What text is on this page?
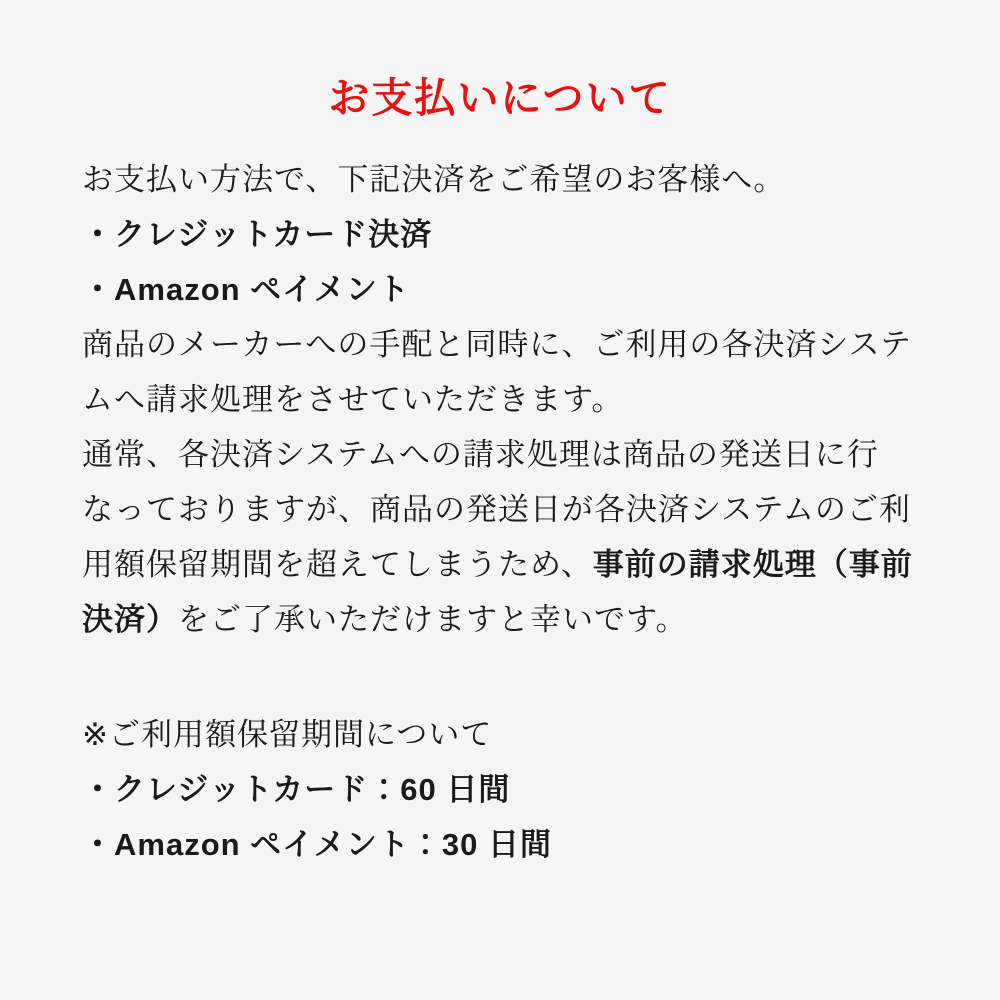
お支払いについて
お支払い方法で、下記決済をご希望のお客様へ。
・クレジットカード決済
・Amazon ペイメント
商品のメーカーへの手配と同時に、ご利用の各決済システ
ムへ請求処理をさせていただきます。
通常、各決済システムへの請求処理は商品の発送日に行
なっておりますが、商品の発送日が各決済システムのご利
用額保留期間を超えてしまうため、事前の請求処理（事前
決済）をご了承いただけますと幸いです。
※ご利用額保留期間について
・クレジットカード：60 日間
・Amazon ペイメント：30 日間
